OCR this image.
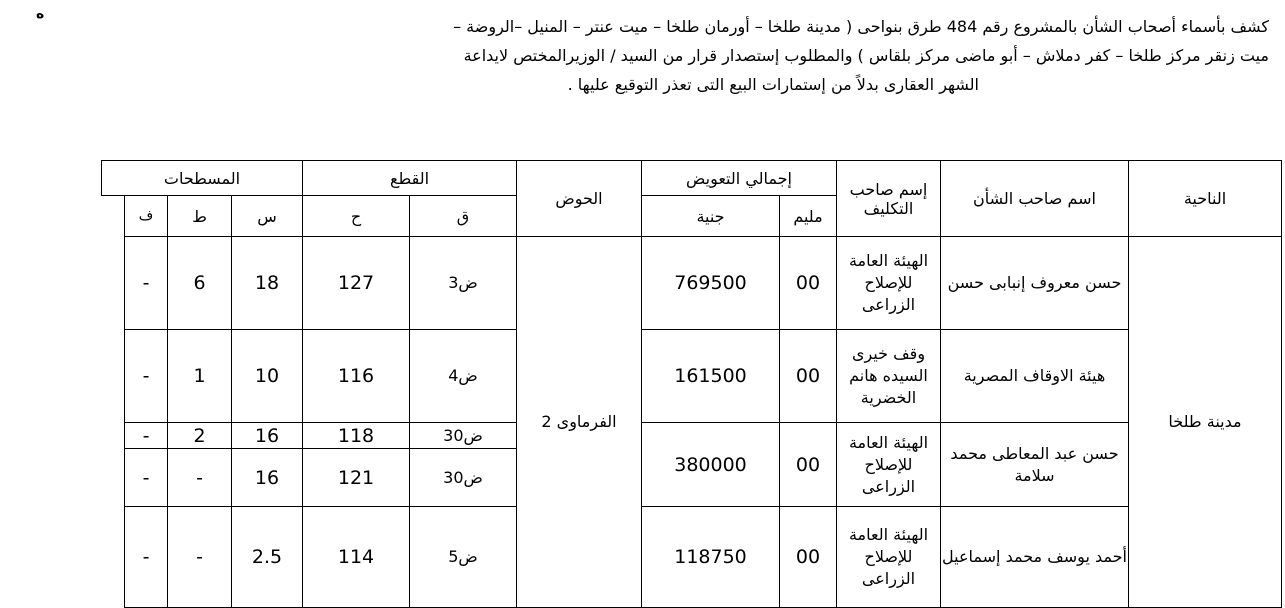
ه
كشف بأسماء أصحاب الشأن بالمشروع رقم 484 طرق بنواحى ( مدينة طلخا – أورمان طلخا – ميت عنتر – المنيل –الروضة –
ميت زنقر مركز طلخا – كفر دملاش – أبو ماضى مركز بلقاس ) والمطلوب إستصدار قرار من السيد / الوزيرالمختص لايداعة
الشهر العقارى بدلاً من إستمارات البيع التى تعذر التوقيع عليها .
الناحية	اسم صاحب الشأن	إسم صاحب التكليف	إجمالي التعويض		الحوض	القطع		المسطحات		
			مليم	جنية		ق	ح	س	ط	ف
مدينة طلخا	حسن معروف إنبابى حسن	الهيئة العامة للإصلاح الزراعى	00	769500	الفرماوى 2	ض3	127	18	6	-
	هيئة الاوقاف المصرية	وقف خيرى السيده هانم الخضرية	00	161500		ض4	116	10	1	-
	حسن عبد المعاطى محمد سلامة	الهيئة العامة للإصلاح الزراعى	00	380000		ض30	118	16	2	-
						ض30	121	16	-	-
	أحمد يوسف محمد إسماعيل	الهيئة العامة للإصلاح الزراعى	00	118750		ض5	114	2.5	-	-
